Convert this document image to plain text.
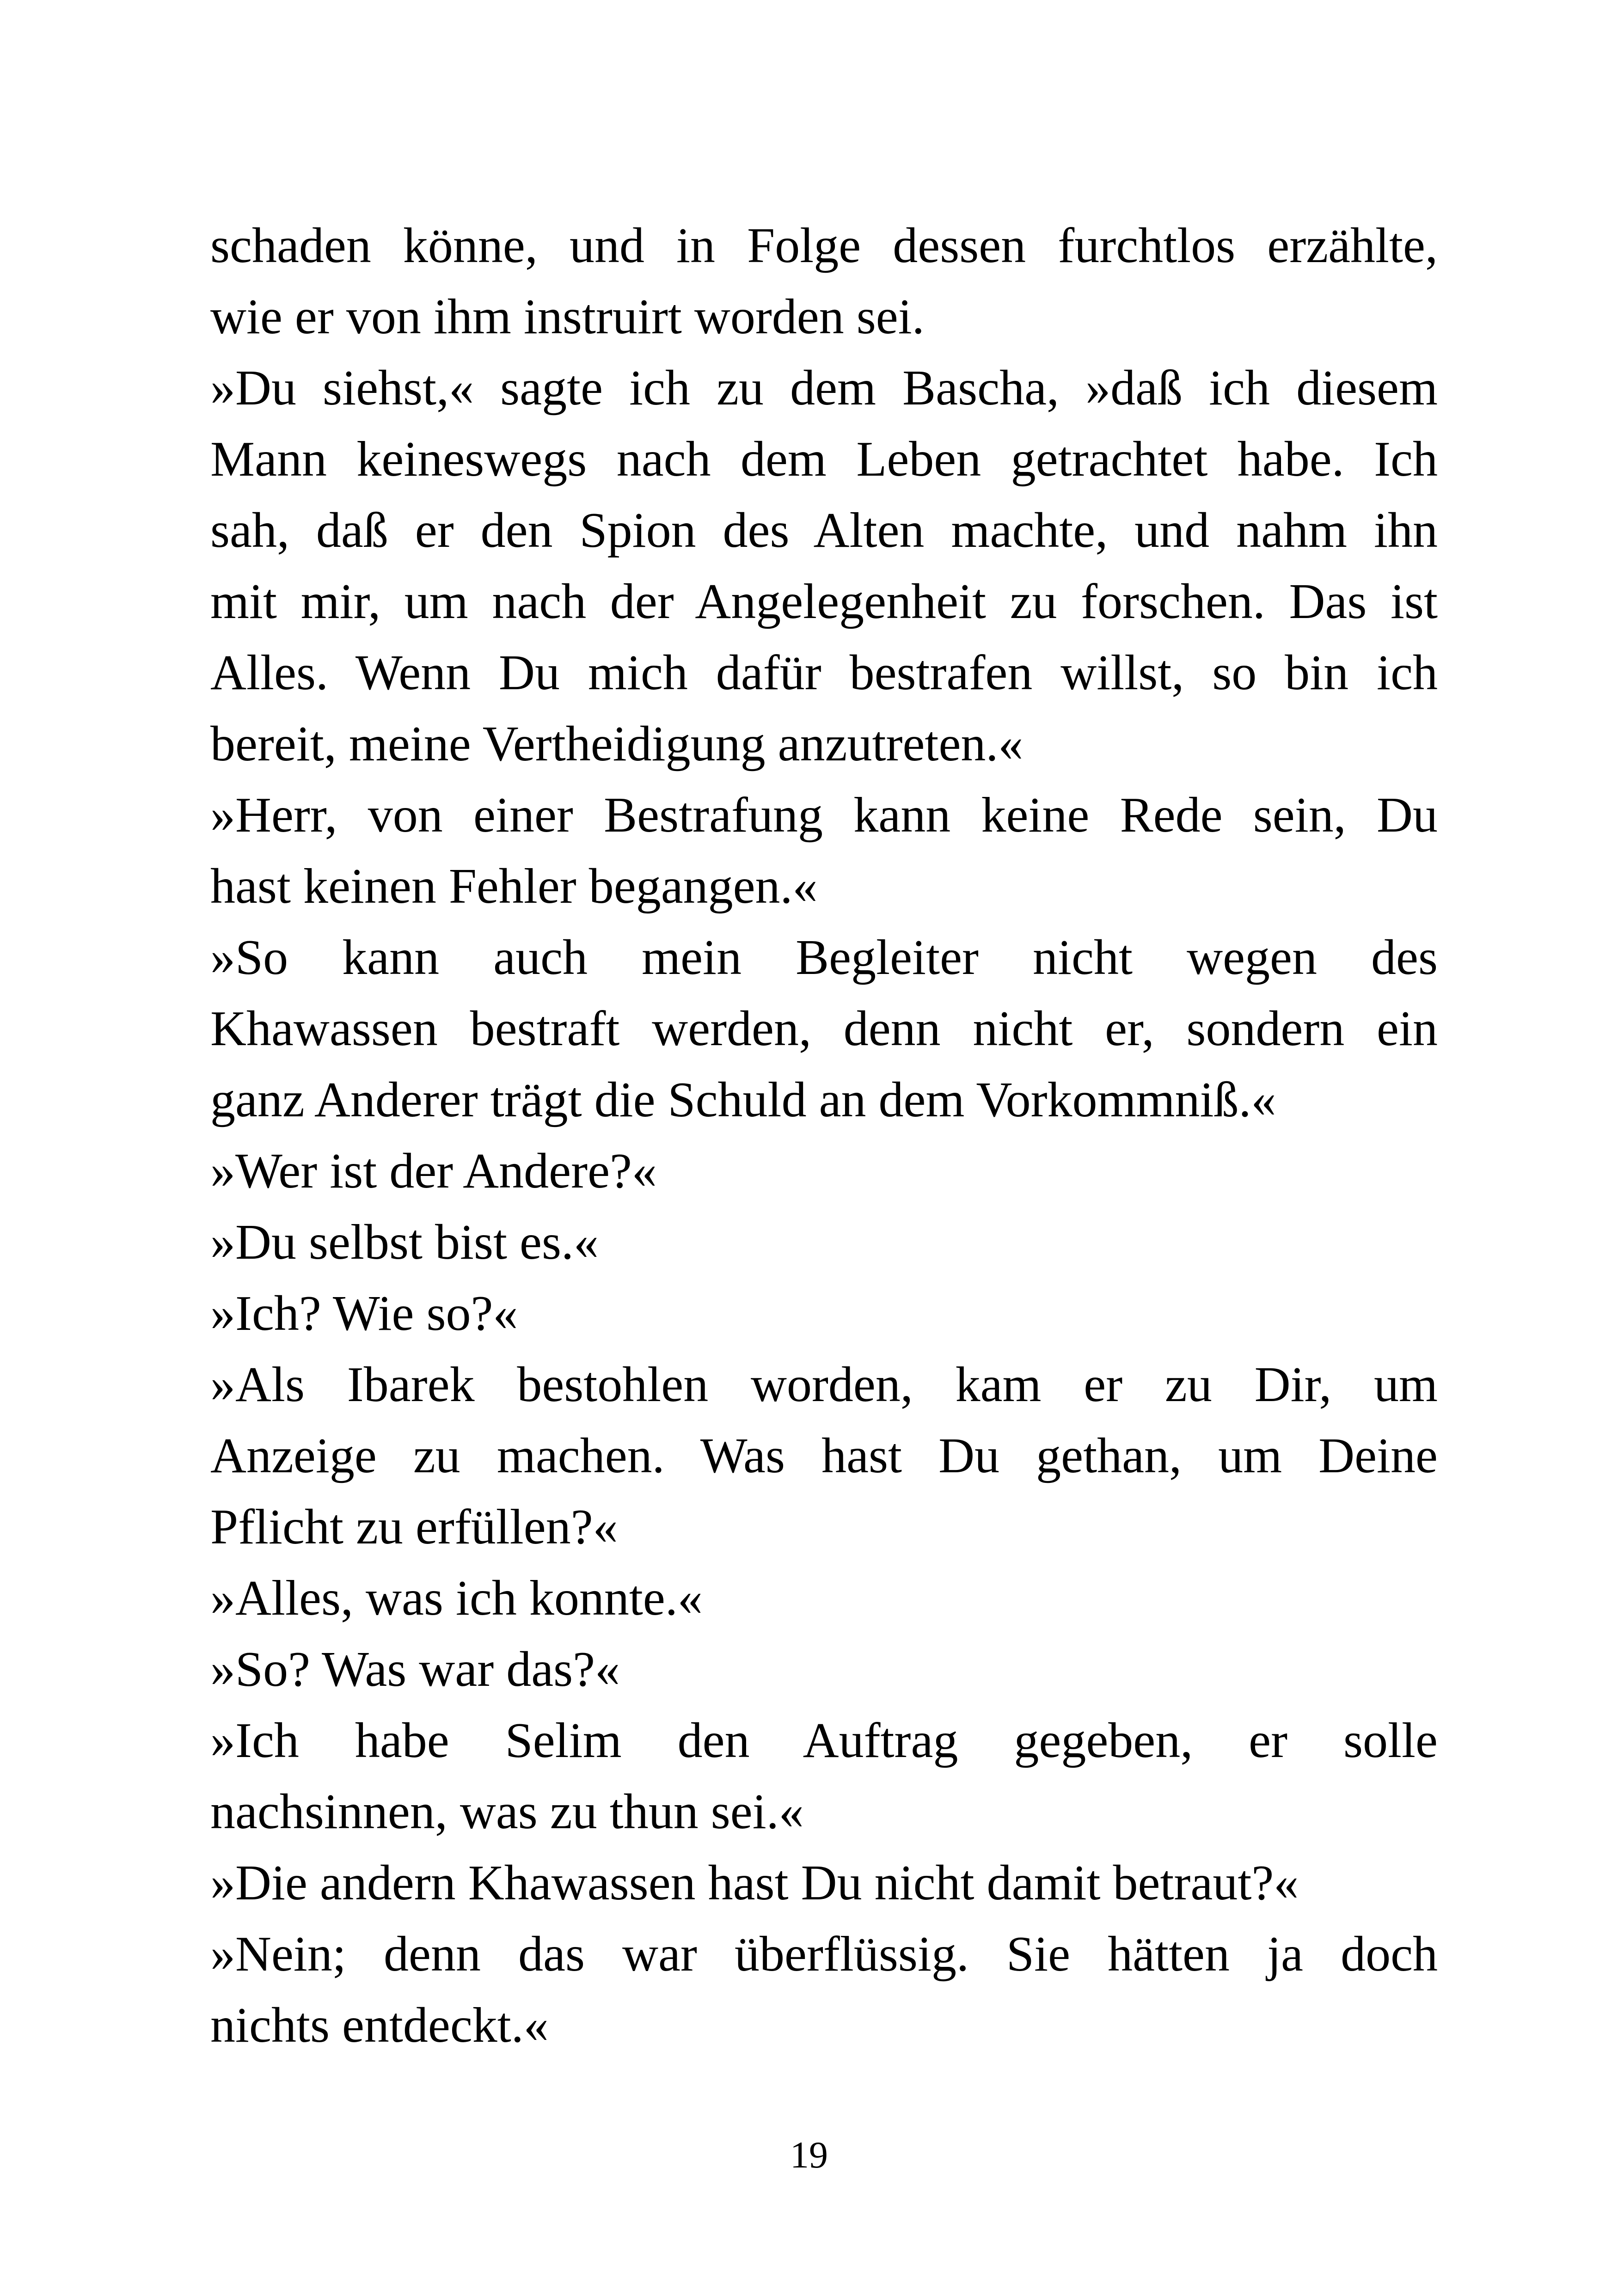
schaden könne, und in Folge dessen furchtlos erzählte,
wie er von ihm instruirt worden sei.
»Du siehst,« sagte ich zu dem Bascha, »daß ich diesem
Mann keineswegs nach dem Leben getrachtet habe. Ich
sah, daß er den Spion des Alten machte, und nahm ihn
mit mir, um nach der Angelegenheit zu forschen. Das ist
Alles. Wenn Du mich dafür bestrafen willst, so bin ich
bereit, meine Vertheidigung anzutreten.«
»Herr, von einer Bestrafung kann keine Rede sein, Du
hast keinen Fehler begangen.«
»So kann auch mein Begleiter nicht wegen des
Khawassen bestraft werden, denn nicht er, sondern ein
ganz Anderer trägt die Schuld an dem Vorkommniß.«
»Wer ist der Andere?«
»Du selbst bist es.«
»Ich? Wie so?«
»Als Ibarek bestohlen worden, kam er zu Dir, um
Anzeige zu machen. Was hast Du gethan, um Deine
Pflicht zu erfüllen?«
»Alles, was ich konnte.«
»So? Was war das?«
»Ich habe Selim den Auftrag gegeben, er solle
nachsinnen, was zu thun sei.«
»Die andern Khawassen hast Du nicht damit betraut?«
»Nein; denn das war überflüssig. Sie hätten ja doch
nichts entdeckt.«
19
